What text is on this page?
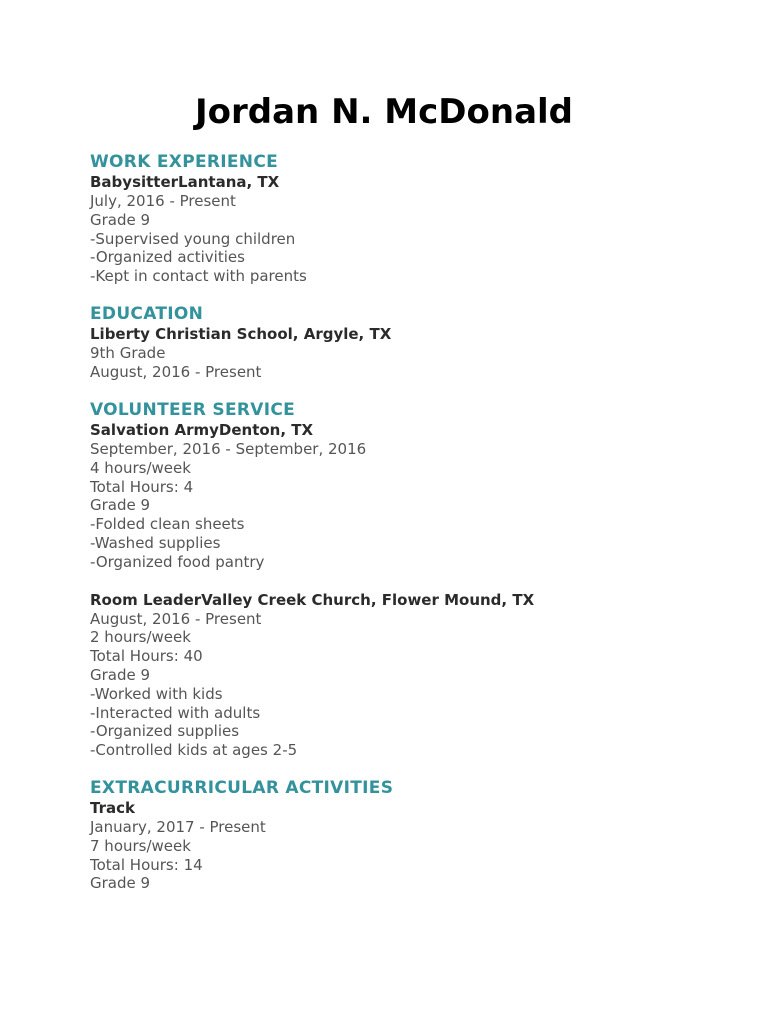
Jordan N. McDonald
WORK EXPERIENCE
BabysitterLantana, TX
July, 2016 - Present
Grade 9
-Supervised young children
-Organized activities
-Kept in contact with parents
EDUCATION
Liberty Christian School, Argyle, TX
9th Grade
August, 2016 - Present
VOLUNTEER SERVICE
Salvation ArmyDenton, TX
September, 2016 - September, 2016
4 hours/week
Total Hours: 4
Grade 9
-Folded clean sheets
-Washed supplies
-Organized food pantry
Room LeaderValley Creek Church, Flower Mound, TX
August, 2016 - Present
2 hours/week
Total Hours: 40
Grade 9
-Worked with kids
-Interacted with adults
-Organized supplies
-Controlled kids at ages 2-5
EXTRACURRICULAR ACTIVITIES
Track
January, 2017 - Present
7 hours/week
Total Hours: 14
Grade 9
